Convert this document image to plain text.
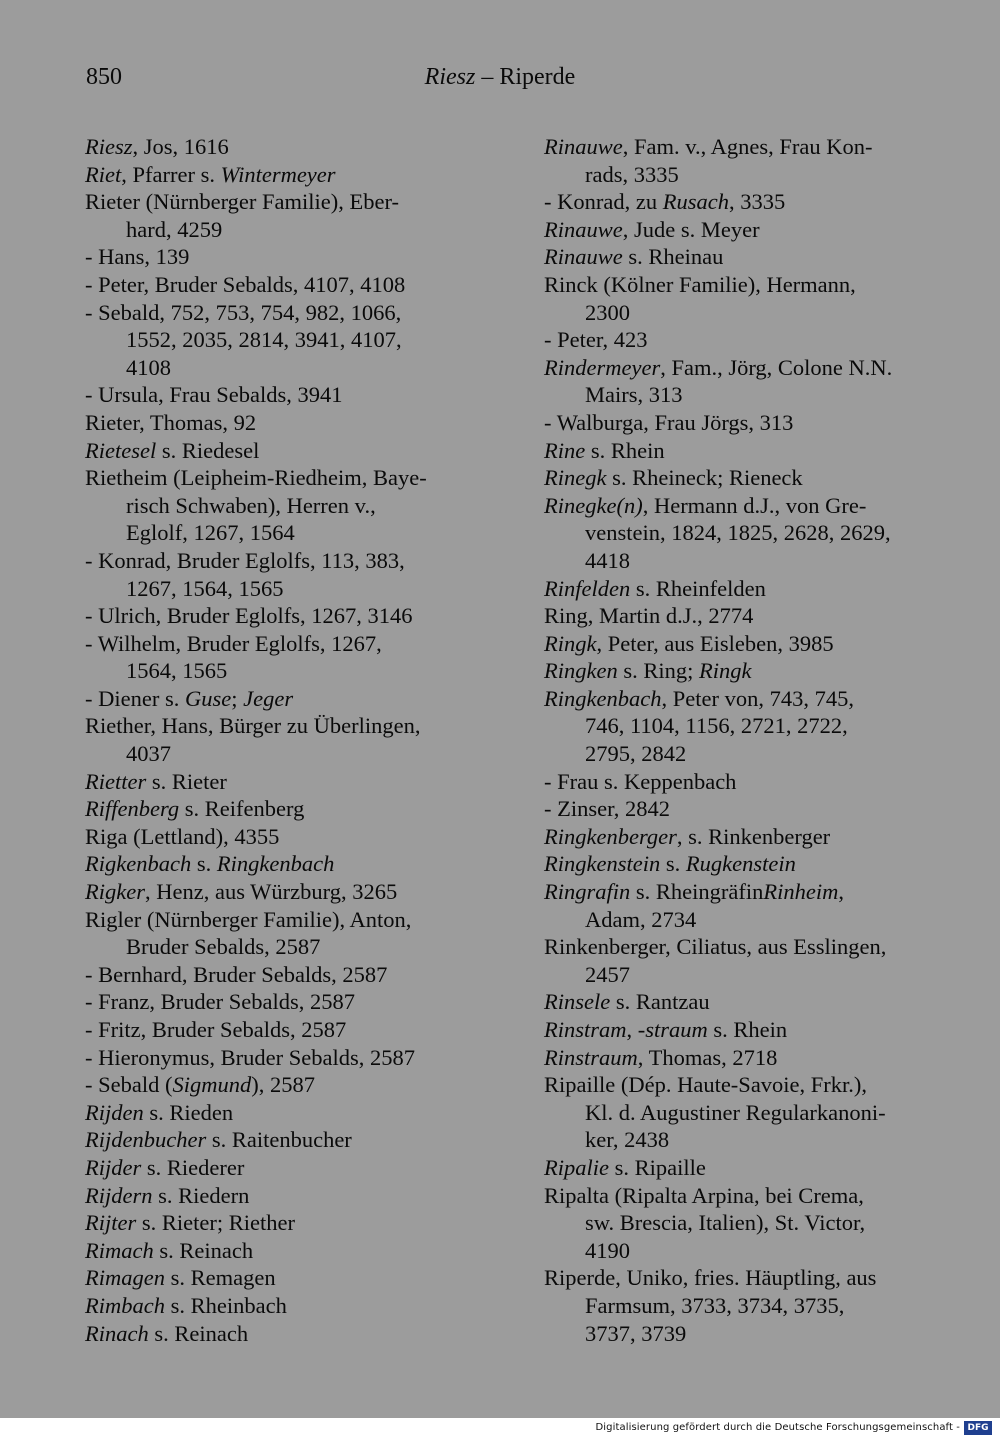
850	Riesz – Riperde
Riesz, Jos, 1616
Riet, Pfarrer s. Wintermeyer
Rieter (Nürnberger Familie), Eber-
hard, 4259
- Hans, 139
- Peter, Bruder Sebalds, 4107, 4108
- Sebald, 752, 753, 754, 982, 1066,
1552, 2035, 2814, 3941, 4107,
4108
- Ursula, Frau Sebalds, 3941
Rieter, Thomas, 92
Rietesel s. Riedesel
Rietheim (Leipheim-Riedheim, Baye-
risch Schwaben), Herren v.,
Eglolf, 1267, 1564
- Konrad, Bruder Eglolfs, 113, 383,
1267, 1564, 1565
- Ulrich, Bruder Eglolfs, 1267, 3146
- Wilhelm, Bruder Eglolfs, 1267,
1564, 1565
- Diener s. Guse; Jeger
Riether, Hans, Bürger zu Überlingen,
4037
Rietter s. Rieter
Riffenberg s. Reifenberg
Riga (Lettland), 4355
Rigkenbach s. Ringkenbach
Rigker, Henz, aus Würzburg, 3265
Rigler (Nürnberger Familie), Anton,
Bruder Sebalds, 2587
- Bernhard, Bruder Sebalds, 2587
- Franz, Bruder Sebalds, 2587
- Fritz, Bruder Sebalds, 2587
- Hieronymus, Bruder Sebalds, 2587
- Sebald (Sigmund), 2587
Rijden s. Rieden
Rijdenbucher s. Raitenbucher
Rijder s. Riederer
Rijdern s. Riedern
Rijter s. Rieter; Riether
Rimach s. Reinach
Rimagen s. Remagen
Rimbach s. Rheinbach
Rinach s. Reinach
Rinauwe, Fam. v., Agnes, Frau Kon-
rads, 3335
- Konrad, zu Rusach, 3335
Rinauwe, Jude s. Meyer
Rinauwe s. Rheinau
Rinck (Kölner Familie), Hermann,
2300
- Peter, 423
Rindermeyer, Fam., Jörg, Colone N.N.
Mairs, 313
- Walburga, Frau Jörgs, 313
Rine s. Rhein
Rinegk s. Rheineck; Rieneck
Rinegke(n), Hermann d.J., von Gre-
venstein, 1824, 1825, 2628, 2629,
4418
Rinfelden s. Rheinfelden
Ring, Martin d.J., 2774
Ringk, Peter, aus Eisleben, 3985
Ringken s. Ring; Ringk
Ringkenbach, Peter von, 743, 745,
746, 1104, 1156, 2721, 2722,
2795, 2842
- Frau s. Keppenbach
- Zinser, 2842
Ringkenberger, s. Rinkenberger
Ringkenstein s. Rugkenstein
Ringrafin s. RheingräfinRinheim,
Adam, 2734
Rinkenberger, Ciliatus, aus Esslingen,
2457
Rinsele s. Rantzau
Rinstram, -straum s. Rhein
Rinstraum, Thomas, 2718
Ripaille (Dép. Haute-Savoie, Frkr.),
Kl. d. Augustiner Regularkanoni-
ker, 2438
Ripalie s. Ripaille
Ripalta (Ripalta Arpina, bei Crema,
sw. Brescia, Italien), St. Victor,
4190
Riperde, Uniko, fries. Häuptling, aus
Farmsum, 3733, 3734, 3735,
3737, 3739
Digitalisierung gefördert durch die Deutsche Forschungsgemeinschaft - DFG
